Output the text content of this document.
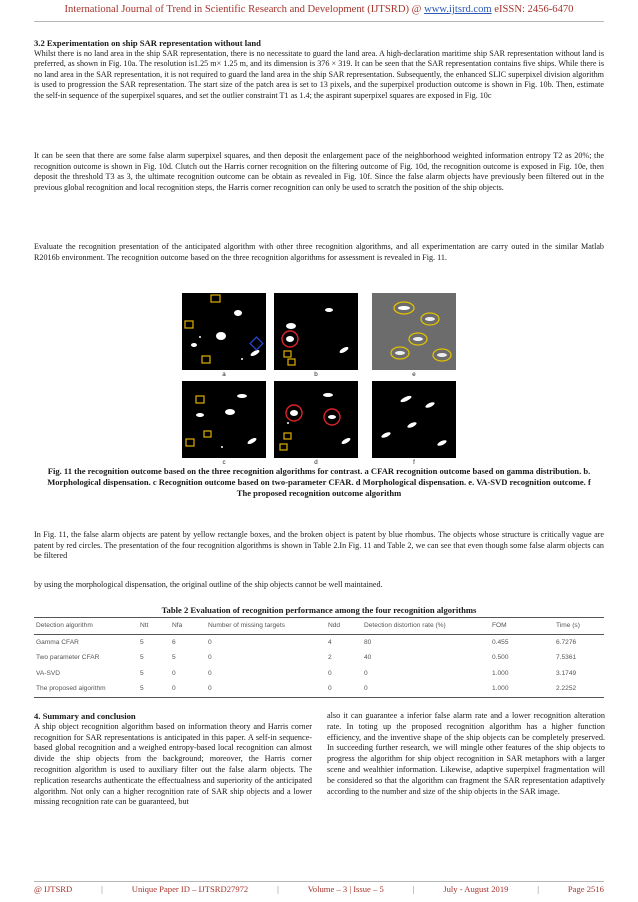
International Journal of Trend in Scientific Research and Development (IJTSRD) @ www.ijtsrd.com eISSN: 2456-6470
3.2 Experimentation on ship SAR representation without land
Whilst there is no land area in the ship SAR representation, there is no necessitate to guard the land area. A high-declaration maritime ship SAR representation without land is preferred, as shown in Fig. 10a. The resolution is1.25 m× 1.25 m, and its dimension is 376 × 319. It can be seen that the SAR representation contains five ships. While there is no land area in the SAR representation, it is not required to guard the land area in the ship SAR representation. Subsequently, the enhanced SLIC superpixel division algorithm is used to progression the SAR representation. The start size of the patch area is set to 13 pixels, and the superpixel production outcome is shown in Fig. 10b. Then, estimate the self-in sequence of the superpixel squares, and set the outlier constraint T1 as 1.4; the aspirant superpixel squares are exposed in Fig. 10c
It can be seen that there are some false alarm superpixel squares, and then deposit the enlargement pace of the neighborhood weighted information entropy T2 as 20%; the recognition outcome is shown in Fig. 10d. Clutch out the Harris corner recognition on the filtering outcome of Fig. 10d, the recognition outcome is exposed in Fig. 10e, then deposit the threshold T3 as 3, the ultimate recognition outcome can be obtain as revealed in Fig. 10f. Since the false alarm objects have previously been filtered out in the previous global recognition and local recognition steps, the Harris corner recognition can only be used to scratch the position of the ship objects.
Evaluate the recognition presentation of the anticipated algorithm with other three recognition algorithms, and all experimentation are carry outed in the similar Matlab R2016b environment. The recognition outcome based on the three recognition algorithms for assessment is revealed in Fig. 11.
a	b	e
c	d	f
Fig. 11 the recognition outcome based on the three recognition algorithms for contrast. a CFAR recognition outcome based on gamma distribution. b. Morphological dispensation. c Recognition outcome based on two-parameter CFAR. d Morphological dispensation. e. VA-SVD recognition outcome. f The proposed recognition outcome algorithm
In Fig. 11, the false alarm objects are patent by yellow rectangle boxes, and the broken object is patent by blue rhombus. The objects whose structure is critically vague are patent by red circles. The presentation of the four recognition algorithms is shown in Table 2.In Fig. 11 and Table 2, we can see that even though some false alarm objects can be filtered
by using the morphological dispensation, the original outline of the ship objects cannot be well maintained.
Table 2 Evaluation of recognition performance among the four recognition algorithms
Detection algorithm	Ntt	Nfa	Number of missing targets	Ndd	Detection distortion rate (%)	FOM	Time (s)
Gamma CFAR	5	6	0	4	80	0.455	6.7276
Two parameter CFAR	5	5	0	2	40	0.500	7.5361
VA-SVD	5	0	0	0	0	1.000	3.1749
The proposed algorithm	5	0	0	0	0	1.000	2.2252
4. Summary and conclusion
A ship object recognition algorithm based on information theory and Harris corner recognition for SAR representations is anticipated in this paper. A self-in sequence-based global recognition and a weighed entropy-based local recognition can almost divide the ship objects from the background; moreover, the Harris corner recognition algorithm is used to auxiliary filter out the false alarm objects. The replication researchs authenticate the effectualness and superiority of the anticipated algorithm. Not only can a higher recognition rate of SAR ship objects and a lower missing recognition rate can be guaranteed, but
also it can guarantee a inferior false alarm rate and a lower recognition alteration rate. In toting up the proposed recognition algorithm has a higher function efficiency, and the inventive shape of the ship objects can be completely preserved. In succeeding further research, we will mingle other features of the ship objects to progress the algorithm for ship object recognition in SAR metaphors with a larger scene and wealthier information. Likewise, adaptive superpixel fragmentation will be considered so that the algorithm can fragment the SAR representation adaptively according to the number and size of the ship objects in the SAR image.
@ IJTSRD	|	Unique Paper ID – IJTSRD27972	|	Volume – 3 | Issue – 5	|	July - August 2019	|	Page 2516
